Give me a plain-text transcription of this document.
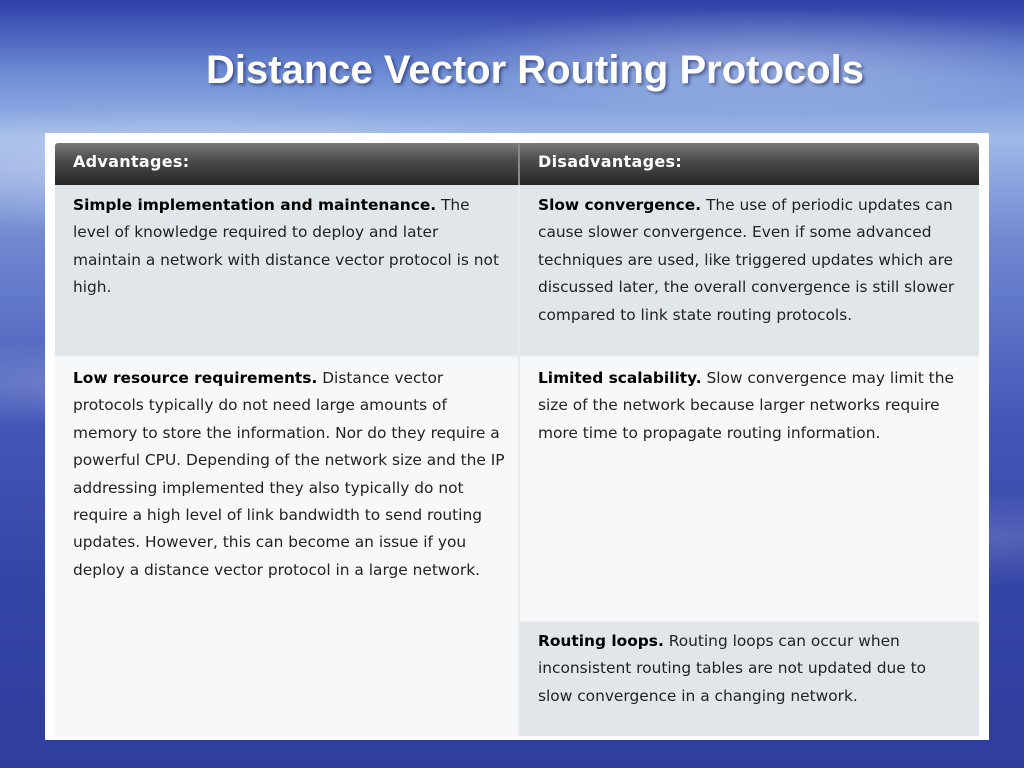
Distance Vector Routing Protocols
Advantages:	Disadvantages:
Simple implementation and maintenance. The level of knowledge required to deploy and later maintain a network with distance vector protocol is not high.
Slow convergence. The use of periodic updates can cause slower convergence. Even if some advanced techniques are used, like triggered updates which are discussed later, the overall convergence is still slower compared to link state routing protocols.
Low resource requirements. Distance vector protocols typically do not need large amounts of memory to store the information. Nor do they require a powerful CPU. Depending of the network size and the IP addressing implemented they also typically do not require a high level of link bandwidth to send routing updates. However, this can become an issue if you deploy a distance vector protocol in a large network.
Limited scalability. Slow convergence may limit the size of the network because larger networks require more time to propagate routing information.
Routing loops. Routing loops can occur when inconsistent routing tables are not updated due to slow convergence in a changing network.
